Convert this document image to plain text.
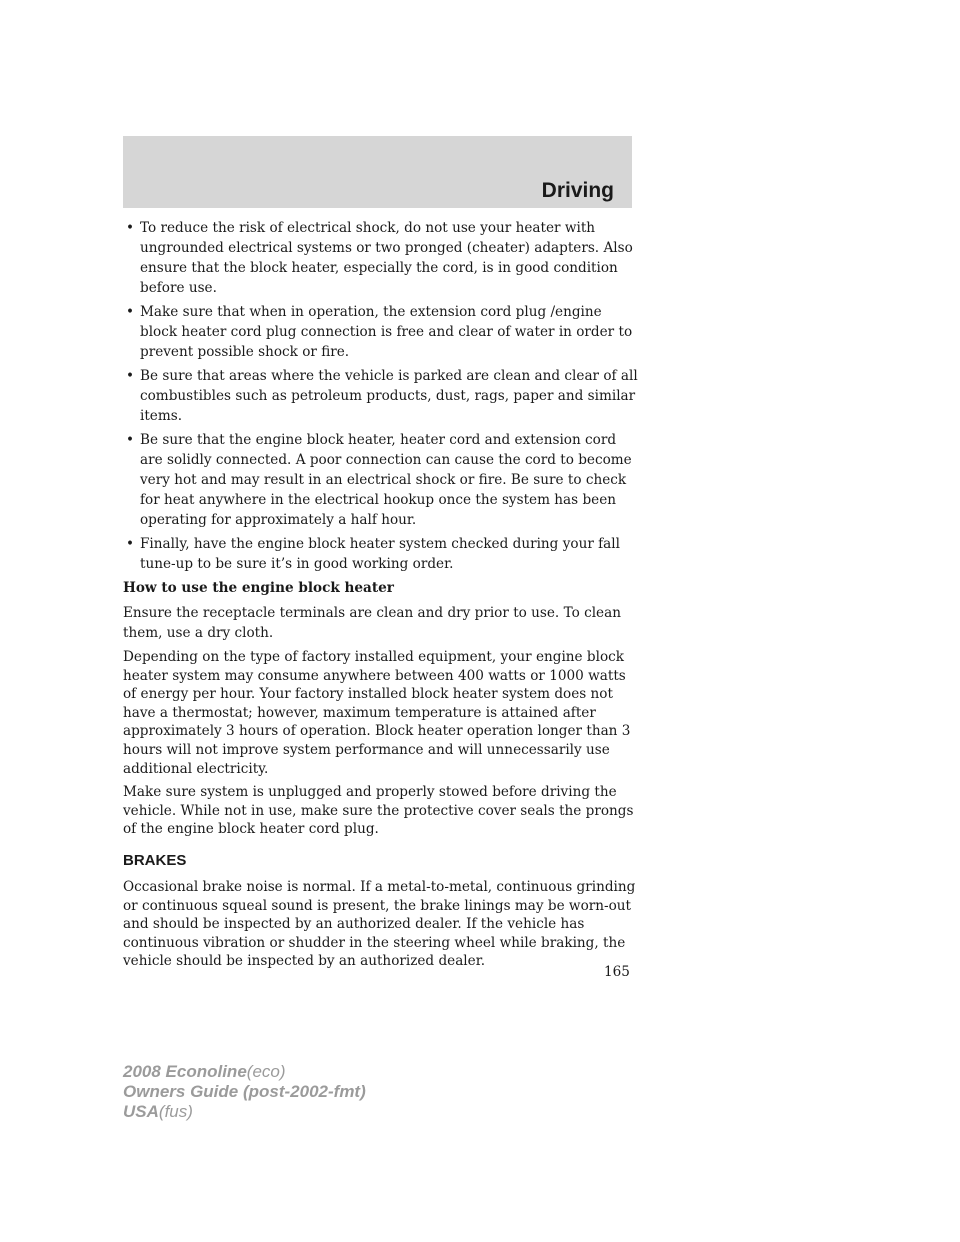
Driving
• To reduce the risk of electrical shock, do not use your heater with ungrounded electrical systems or two pronged (cheater) adapters. Also ensure that the block heater, especially the cord, is in good condition before use.
• Make sure that when in operation, the extension cord plug /engine block heater cord plug connection is free and clear of water in order to prevent possible shock or fire.
• Be sure that areas where the vehicle is parked are clean and clear of all combustibles such as petroleum products, dust, rags, paper and similar items.
• Be sure that the engine block heater, heater cord and extension cord are solidly connected. A poor connection can cause the cord to become very hot and may result in an electrical shock or fire. Be sure to check for heat anywhere in the electrical hookup once the system has been operating for approximately a half hour.
• Finally, have the engine block heater system checked during your fall tune-up to be sure it’s in good working order.

How to use the engine block heater

Ensure the receptacle terminals are clean and dry prior to use. To clean them, use a dry cloth.

Depending on the type of factory installed equipment, your engine block heater system may consume anywhere between 400 watts or 1000 watts of energy per hour. Your factory installed block heater system does not have a thermostat; however, maximum temperature is attained after approximately 3 hours of operation. Block heater operation longer than 3 hours will not improve system performance and will unnecessarily use additional electricity.

Make sure system is unplugged and properly stowed before driving the vehicle. While not in use, make sure the protective cover seals the prongs of the engine block heater cord plug.

BRAKES

Occasional brake noise is normal. If a metal-to-metal, continuous grinding or continuous squeal sound is present, the brake linings may be worn-out and should be inspected by an authorized dealer. If the vehicle has continuous vibration or shudder in the steering wheel while braking, the vehicle should be inspected by an authorized dealer.

165

2008 Econoline(eco)

Owners Guide (post-2002-fmt)

USA(fus)
